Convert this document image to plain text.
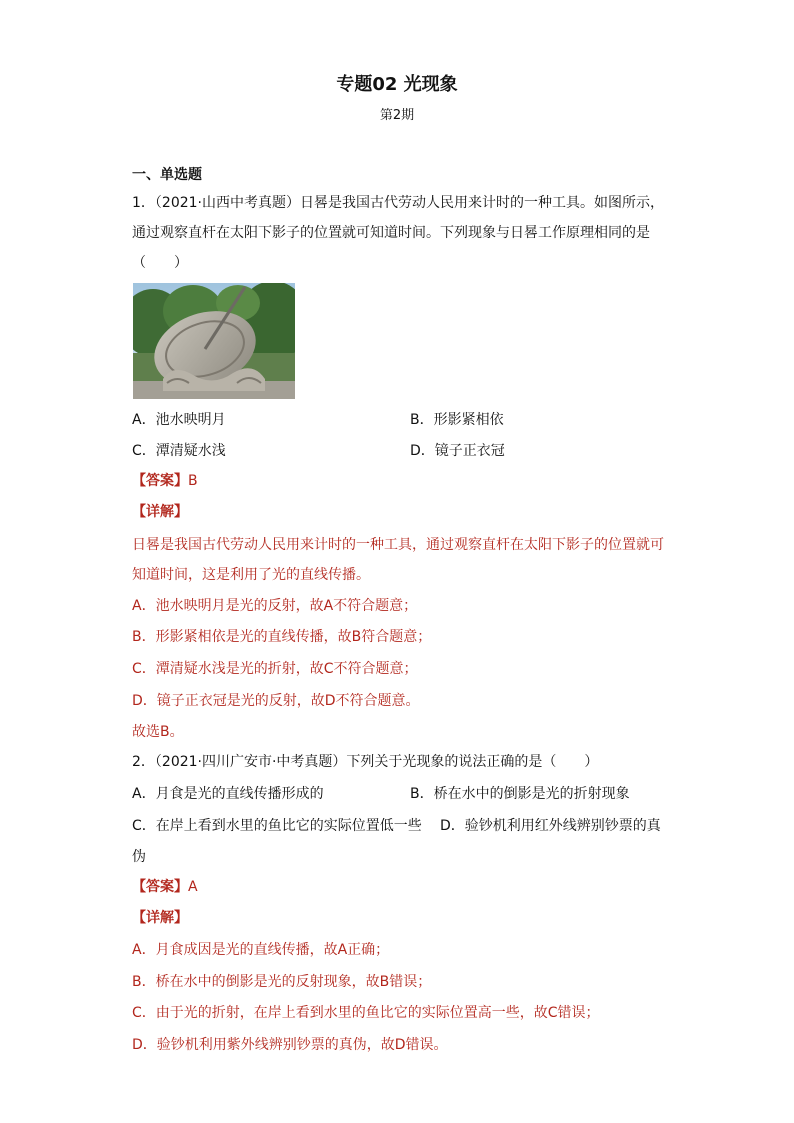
专题02 光现象
第2期
一、单选题
1．（2021·山西中考真题）日晷是我国古代劳动人民用来计时的一种工具。如图所示，
通过观察直杆在太阳下影子的位置就可知道时间。下列现象与日晷工作原理相同的是
（　　）
A．池水映明月	B．形影紧相依
C．潭清疑水浅	D．镜子正衣冠
【答案】B
【详解】
日晷是我国古代劳动人民用来计时的一种工具，通过观察直杆在太阳下影子的位置就可
知道时间，这是利用了光的直线传播。
A．池水映明月是光的反射，故A不符合题意；
B．形影紧相依是光的直线传播，故B符合题意；
C．潭清疑水浅是光的折射，故C不符合题意；
D．镜子正衣冠是光的反射，故D不符合题意。
故选B。
2．（2021·四川广安市·中考真题）下列关于光现象的说法正确的是（　　）
A．月食是光的直线传播形成的	B．桥在水中的倒影是光的折射现象
C．在岸上看到水里的鱼比它的实际位置低一些 D．验钞机利用红外线辨别钞票的真
伪
【答案】A
【详解】
A．月食成因是光的直线传播，故A正确；
B．桥在水中的倒影是光的反射现象，故B错误；
C．由于光的折射，在岸上看到水里的鱼比它的实际位置高一些，故C错误；
D．验钞机利用紫外线辨别钞票的真伪，故D错误。
